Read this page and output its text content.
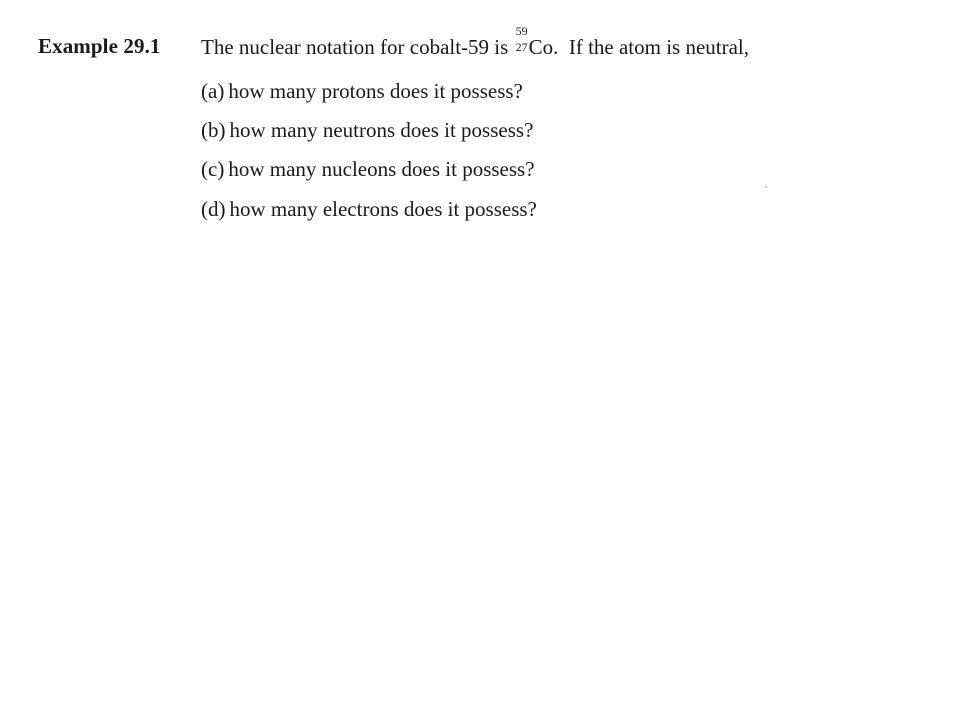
Example 29.1 The nuclear notation for cobalt-59 is
59
27 Co. If the atom is neutral,
(a) how many protons does it possess?
(b) how many neutrons does it possess?
(c) how many nucleons does it possess?
(d) how many electrons does it possess?
